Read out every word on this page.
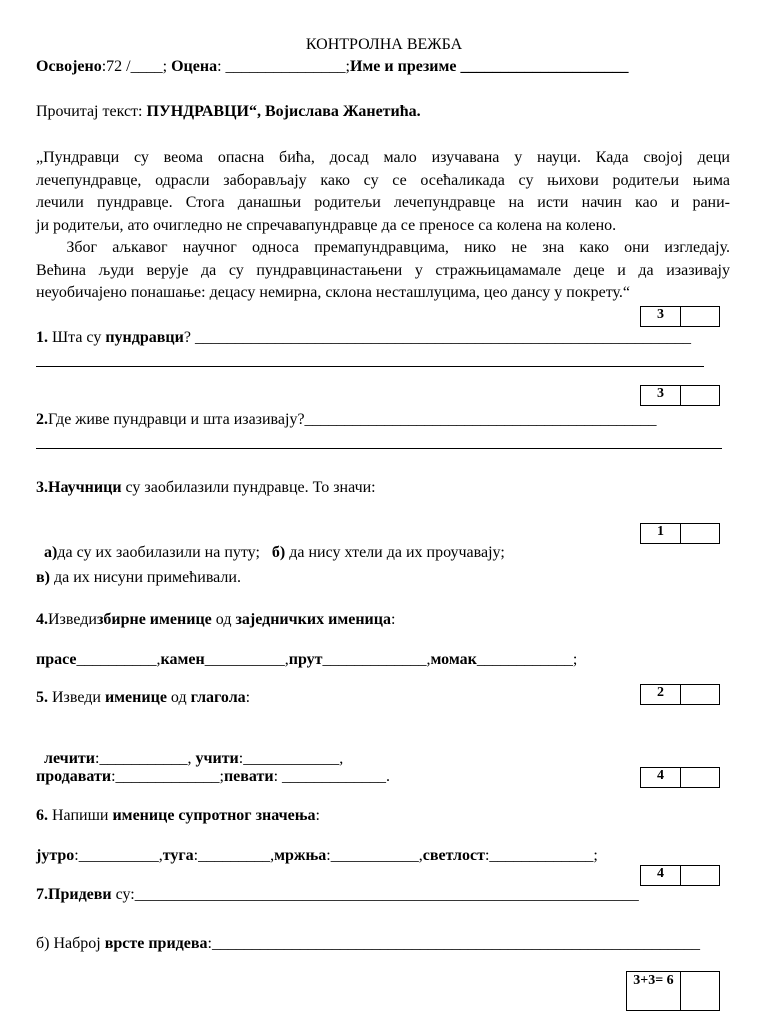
КОНТРОЛНА ВЕЖБА
Освојено:72 /____; Оцена: _______________;Име и презиме _____________________
Прочитај текст: ПУНДРАВЦИ“, Војислава Жанетића.
„Пундравци су веома опасна бића, досад мало изучавана у науци. Када својој деци
лечепундравце, одрасли заборављају како су се осећаликада су њихови родитељи њима
лечили пундравце. Стога данашњи родитељи лечепундравце на исти начин као и рани-
ји родитељи, ато очигледно не спречавапундравце да се преносе са колена на колено.
Због аљкавог научног односа премапундравцима, нико не зна како они изгледају.
Већина људи верује да су пундравцинастањени у стражњицамамале деце и да изазивају
неуобичајено понашање: децасу немирна, склона несташлуцима, цео дансу у покрету.“
3
1. Шта су пундравци? ______________________________________________________________
3
2.Где живе пундравци и шта изазивају?____________________________________________
3.Научници су заобилазили пундравце. То значи:

а)да су их заобилазили на путу;   б) да нису хтели да их проучавају;

1
в) да их нисуни примећивали.
4.Изведизбирне именице од заједничких именица:
прасе__________,камен__________,прут_____________,момак____________;
2
5. Изведи именице од глагола:

лечити:___________, учити:____________,

продавати:_____________;певати: _____________.	4
6. Напиши именице супротног значења:
јутро:__________,туга:_________,мржња:___________,светлост:_____________;
4
7.Придеви су:_______________________________________________________________
б) Наброј врсте придева:_____________________________________________________________
3+3= 6
